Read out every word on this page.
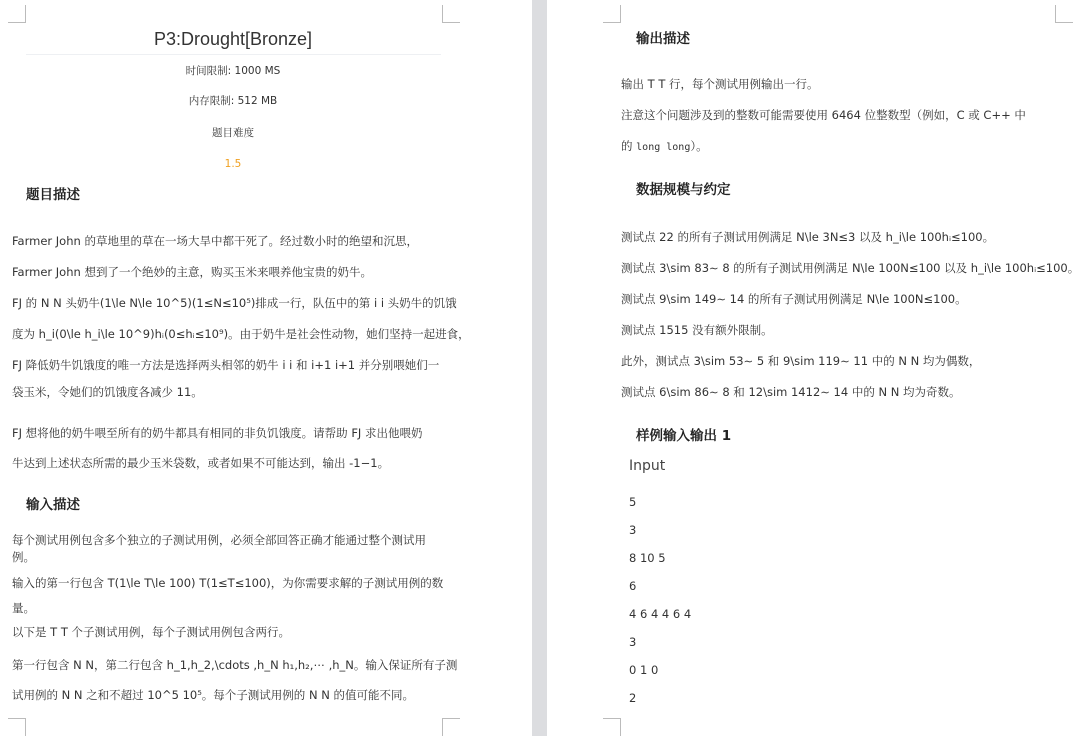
P3:Drought[Bronze]
时间限制: 1000 MS
内存限制: 512 MB
题目难度
1.5
题目描述
Farmer John 的草地里的草在一场大旱中都干死了。经过数小时的绝望和沉思，
Farmer John 想到了一个绝妙的主意，购买玉米来喂养他宝贵的奶牛。
FJ 的 N N 头奶牛(1\le N\le 10^5)(1≤N≤10⁵)排成一行，队伍中的第 i i 头奶牛的饥饿
度为 h_i(0\le h_i\le 10^9)hᵢ(0≤hᵢ≤10⁹)。由于奶牛是社会性动物，她们坚持一起进食，
FJ 降低奶牛饥饿度的唯一方法是选择两头相邻的奶牛 i i 和 i+1 i+1 并分别喂她们一
袋玉米，令她们的饥饿度各减少 11。
FJ 想将他的奶牛喂至所有的奶牛都具有相同的非负饥饿度。请帮助 FJ 求出他喂奶
牛达到上述状态所需的最少玉米袋数，或者如果不可能达到，输出 -1−1。
输入描述
每个测试用例包含多个独立的子测试用例，必须全部回答正确才能通过整个测试用
例。
输入的第一行包含 T(1\le T\le 100) T(1≤T≤100)，为你需要求解的子测试用例的数
量。
以下是 T T 个子测试用例，每个子测试用例包含两行。
第一行包含 N N，第二行包含 h_1,h_2,\cdots ,h_N h₁,h₂,⋯ ,h_N。输入保证所有子测
试用例的 N N 之和不超过 10^5 10⁵。每个子测试用例的 N N 的值可能不同。
输出描述
输出 T T 行，每个测试用例输出一行。
注意这个问题涉及到的整数可能需要使用 6464 位整数型（例如，C 或 C++ 中
的 long long）。
数据规模与约定
测试点 22 的所有子测试用例满足 N\le 3N≤3 以及 h_i\le 100hᵢ≤100。
测试点 3\sim 83∼ 8 的所有子测试用例满足 N\le 100N≤100 以及 h_i\le 100hᵢ≤100。
测试点 9\sim 149∼ 14 的所有子测试用例满足 N\le 100N≤100。
测试点 1515 没有额外限制。
此外，测试点 3\sim 53∼ 5 和 9\sim 119∼ 11 中的 N N 均为偶数，
测试点 6\sim 86∼ 8 和 12\sim 1412∼ 14 中的 N N 均为奇数。
样例输入输出 1
Input
5
3
8 10 5
6
4 6 4 4 6 4
3
0 1 0
2
